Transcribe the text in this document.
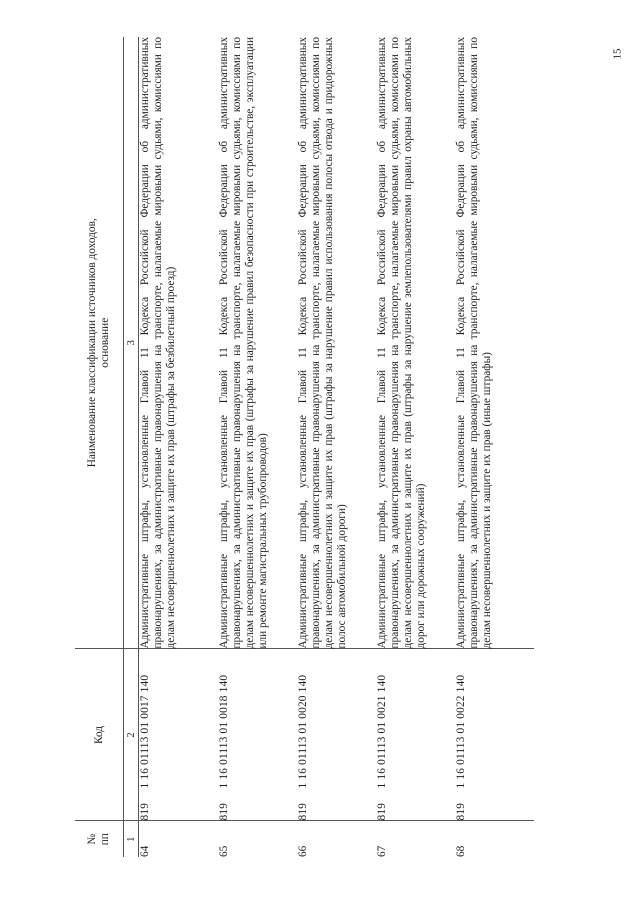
15
№
пп	Код	Наименование классификации источников доходов, основание

1	2	3
64	8191 16 01113 01 0017 140	Административные штрафы, установленные Главой 11 Кодекса Российской Федерации об административных правонарушениях, за административные правонарушения на транспорте, налагаемые мировыми судьями, комиссиями по делам несовершеннолетних и защите их прав (штрафы за безбилетный проезд)
65	8191 16 01113 01 0018 140	Административные штрафы, установленные Главой 11 Кодекса Российской Федерации об административных правонарушениях, за административные правонарушения на транспорте, налагаемые мировыми судьями, комиссиями по делам несовершеннолетних и защите их прав (штрафы за нарушение правил безопасности при строительстве, эксплуатации или ремонте магистральных трубопроводов)
66	8191 16 01113 01 0020 140	Административные штрафы, установленные Главой 11 Кодекса Российской Федерации об административных правонарушениях, за административные правонарушения на транспорте, налагаемые мировыми судьями, комиссиями по делам несовершеннолетних и защите их прав (штрафы за нарушение правил использования полосы отвода и придорожных полос автомобильной дороги)
67	8191 16 01113 01 0021 140	Административные штрафы, установленные Главой 11 Кодекса Российской Федерации об административных правонарушениях, за административные правонарушения на транспорте, налагаемые мировыми судьями, комиссиями по делам несовершеннолетних и защите их прав (штрафы за нарушение землепользователями правил охраны автомобильных дорог или дорожных сооружений)
68	8191 16 01113 01 0022 140	Административные штрафы, установленные Главой 11 Кодекса Российской Федерации об административных правонарушениях, за административные правонарушения на транспорте, налагаемые мировыми судьями, комиссиями по делам несовершеннолетних и защите их прав (иные штрафы)
